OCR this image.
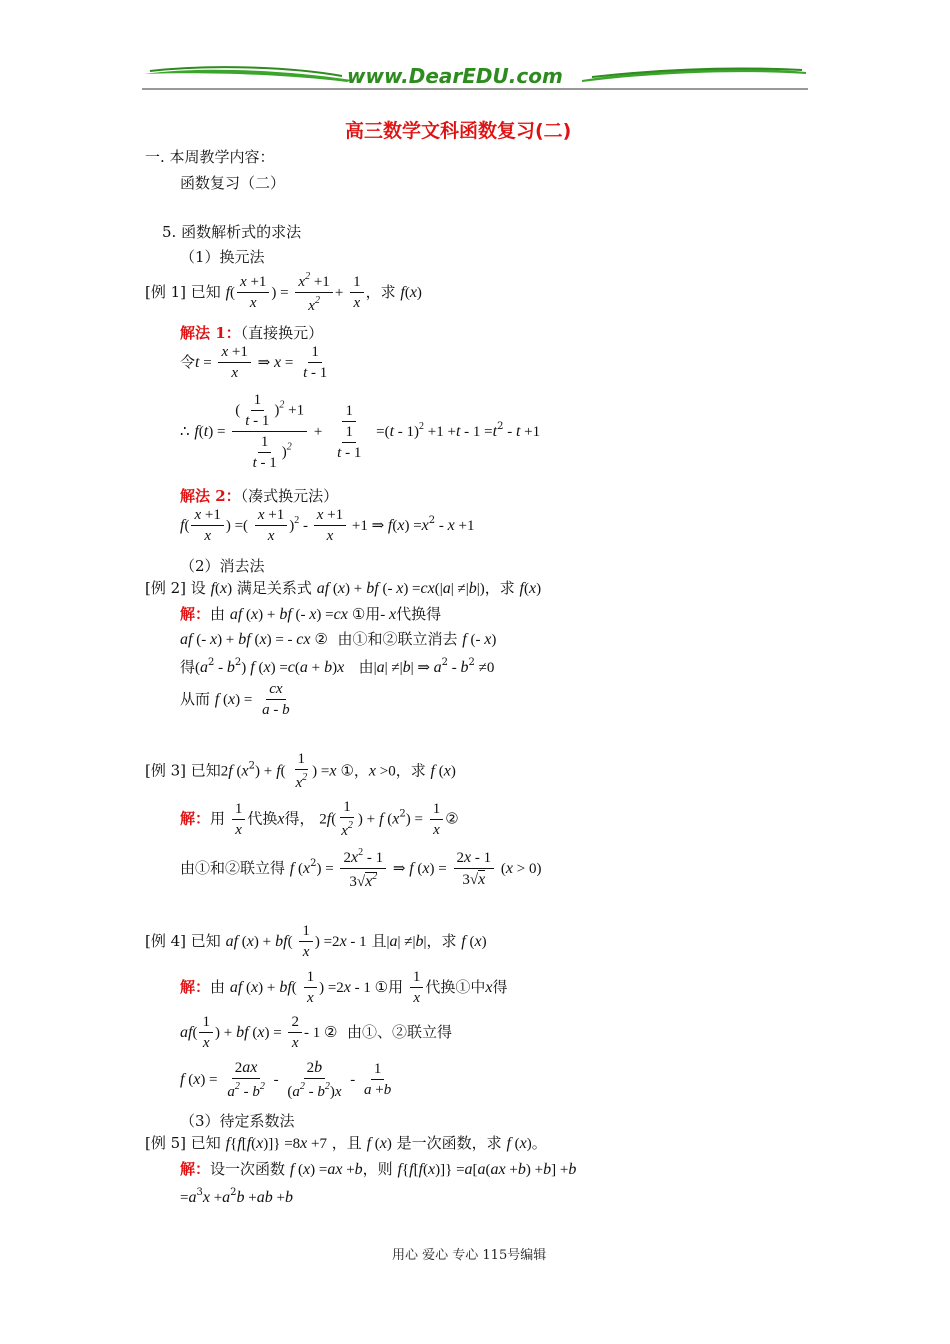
www.DearEDU.com
高三数学文科函数复习(二)
一. 本周教学内容：
函数复习（二）
5. 函数解析式的求法
（1）换元法
[例 1] 已知 $f( \frac{x +1}{x}$ ) = $\frac{x^2 +1}{x^2} + \frac{1}{x}$ ，求 f(x)
解法 1：（直接换元）
令$t = \frac{x +1}{x}$ ⇒ $x = \frac{1}{t - 1}$
∴ $f(t) = \frac{( \frac{1}{t - 1} )^2 +1}{\frac{1}{t - 1} )^2} + \frac{1}{\frac{1}{t - 1}} =(t - 1)^2 +1 +t - 1 =t^2 - t +1$
解法 2：（凑式换元法）
$f( \frac{x +1}{x}$ ) =( $\frac{x +1}{x} )^2 - \frac{x +1}{x} +1$ ⇒ $f(x) =x^2 - x +1$
（2）消去法
[例 2] 设 f(x) 满足关系式 af (x) + bf (- x) =cx(|a| ≠|b|)，求 f(x)
解：由 af (x) + bf (- x) =cx ①用- x代换得
af (- x) + bf (x) = - cx ② 由①和②联立消去 f (- x)
得$(a^2 - b^2)$ f (x) =c(a + b)x 由|a| ≠|b| ⇒ $a^2 - b^2 \ne 0$
从而 f $(x) = \frac{cx}{a - b}$
[例 3] 已知2f $(x^2) + f( \frac{1}{x^2}$ ) =x ①，x >0，求 f (x)
解：用 $\frac{1}{x}$ 代换x得， $2f( \frac{1}{x^2}$ ) + f $(x^2) = \frac{1}{x}$ ②
由①和②联立得 f $(x^2) = \frac{2x^2 - 1}{3√x^2}$ ⇒ f $(x) = \frac{2x - 1}{3√x} (x > 0)$
[例 4] 已知 af $(x) + bf( \frac{1}{x}$ ) =2x - 1 且|a| ≠|b|，求 f (x)
解：由 af $(x) + bf( \frac{1}{x}$ ) =2x - 1 ①用 $\frac{1}{x}$ 代换①中x得
$af( \frac{1}{x}$ ) + bf $(x) = \frac{2}{x} - 1$ ② 由①、②联立得
f $(x) = \frac{2ax}{a^2 - b^2} - \frac{2b}{(a^2 - b^2)x} - \frac{1}{a +b}$
（3）待定系数法
[例 5] 已知 f{f[f(x)]} =8x +7 ，且 f (x) 是一次函数，求 f (x)。
解：设一次函数 f (x) =ax +b，则 f{f[f(x)]} =a[a(ax +b) +b] +b
$=a^3x +a^2b +ab +b$
用心 爱心 专心 115号编辑
